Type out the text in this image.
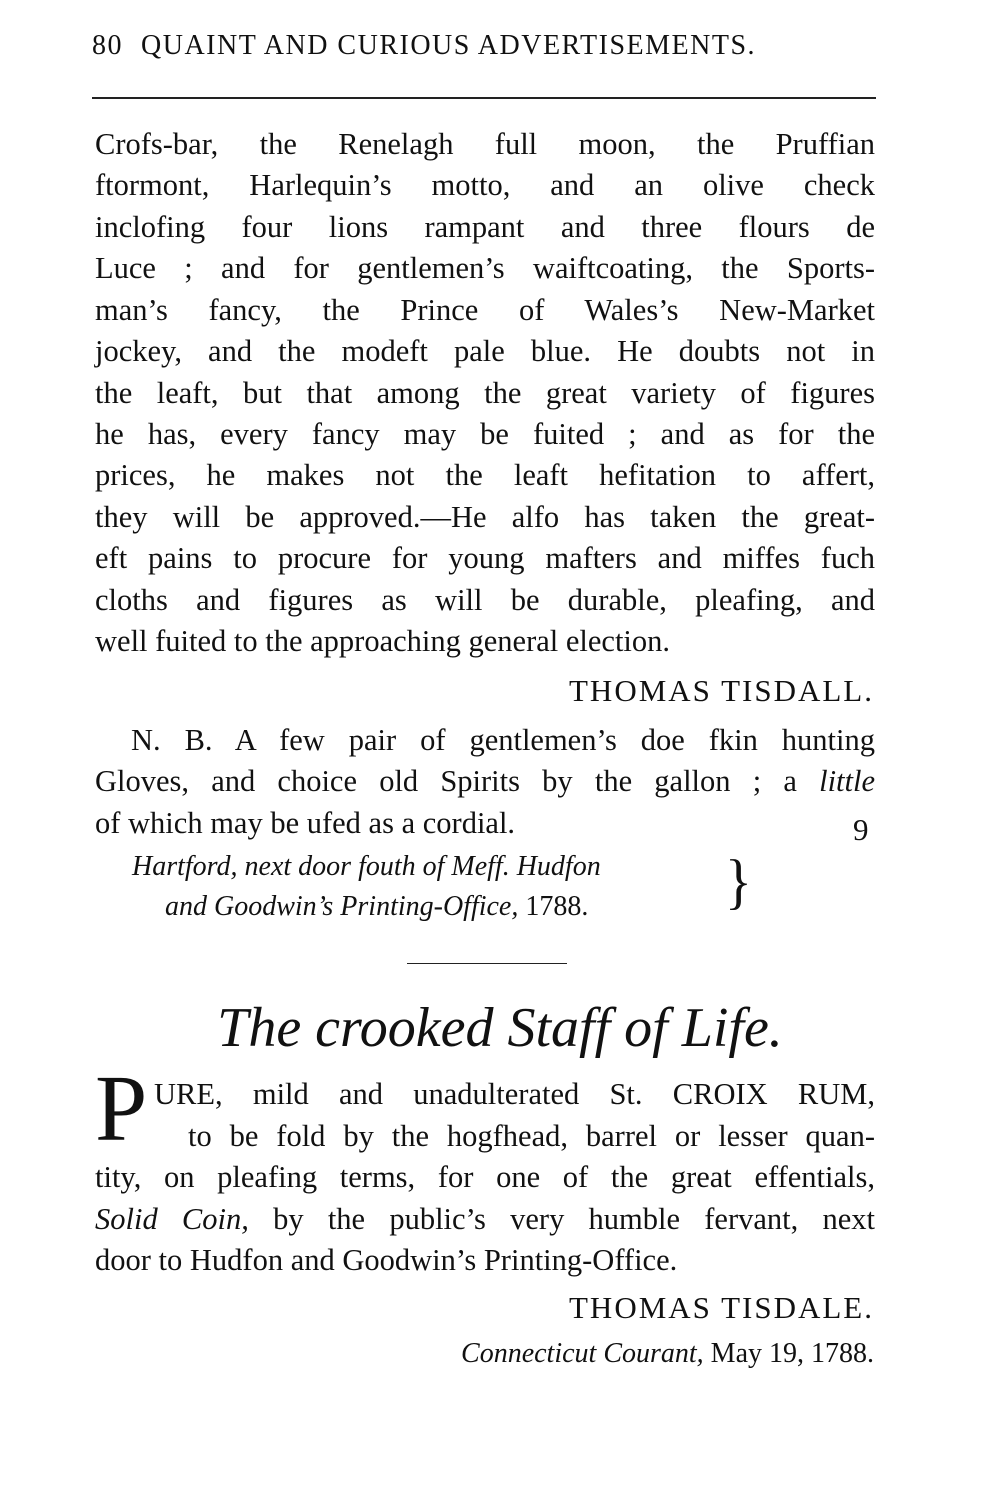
80 QUAINT AND CURIOUS ADVERTISEMENTS.
Crofs-bar, the Renelagh full moon, the Pruffian
ftormont, Harlequin’s motto, and an olive check
inclofing four lions rampant and three flours de
Luce ; and for gentlemen’s waiftcoating, the Sports-
man’s fancy, the Prince of Wales’s New-Market
jockey, and the modeft pale blue. He doubts not in
the leaft, but that among the great variety of figures
he has, every fancy may be fuited ; and as for the
prices, he makes not the leaft hefitation to affert,
they will be approved.—He alfo has taken the great-
eft pains to procure for young mafters and miffes fuch
cloths and figures as will be durable, pleafing, and
well fuited to the approaching general election.
THOMAS TISDALL.
N. B. A few pair of gentlemen’s doe fkin hunting
Gloves, and choice old Spirits by the gallon ; a little
of which may be ufed as a cordial.	9
Hartford, next door fouth of Meff. Hudfon
and Goodwin’s Printing-Office, 1788. }
The crooked Staff of Life.
P URE, mild and unadulterated St. CROIX RUM,
to be fold by the hogfhead, barrel or lesser quan-
tity, on pleafing terms, for one of the great effentials,
Solid Coin, by the public’s very humble fervant, next
door to Hudfon and Goodwin’s Printing-Office.
THOMAS TISDALE.
Connecticut Courant, May 19, 1788.
